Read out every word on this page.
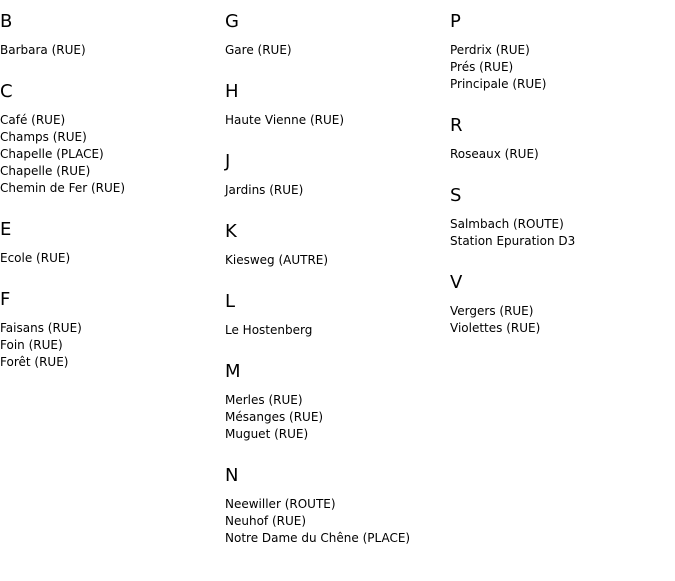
B
Barbara (RUE)
C
Café (RUE)
Champs (RUE)
Chapelle (PLACE)
Chapelle (RUE)
Chemin de Fer (RUE)
E
Ecole (RUE)
F
Faisans (RUE)
Foin (RUE)
Forêt (RUE)
G
Gare (RUE)
H
Haute Vienne (RUE)
J
Jardins (RUE)
K
Kiesweg (AUTRE)
L
Le Hostenberg
M
Merles (RUE)
Mésanges (RUE)
Muguet (RUE)
N
Neewiller (ROUTE)
Neuhof (RUE)
Notre Dame du Chêne (PLACE)
P
Perdrix (RUE)
Prés (RUE)
Principale (RUE)
R
Roseaux (RUE)
S
Salmbach (ROUTE)
Station Epuration D3
V
Vergers (RUE)
Violettes (RUE)
